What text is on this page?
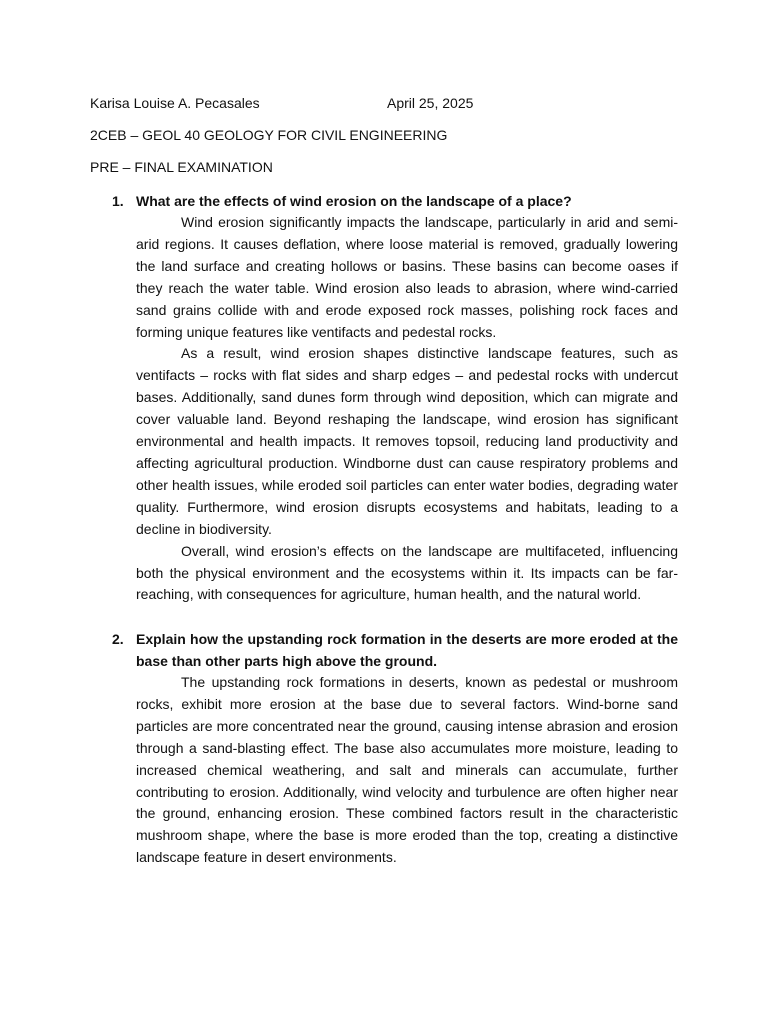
Karisa Louise A. Pecasales	April 25, 2025
2CEB – GEOL 40 GEOLOGY FOR CIVIL ENGINEERING
PRE – FINAL EXAMINATION
1. What are the effects of wind erosion on the landscape of a place?

Wind erosion significantly impacts the landscape, particularly in arid and semi-arid regions. It causes deflation, where loose material is removed, gradually lowering the land surface and creating hollows or basins. These basins can become oases if they reach the water table. Wind erosion also leads to abrasion, where wind-carried sand grains collide with and erode exposed rock masses, polishing rock faces and forming unique features like ventifacts and pedestal rocks.

As a result, wind erosion shapes distinctive landscape features, such as ventifacts – rocks with flat sides and sharp edges – and pedestal rocks with undercut bases. Additionally, sand dunes form through wind deposition, which can migrate and cover valuable land. Beyond reshaping the landscape, wind erosion has significant environmental and health impacts. It removes topsoil, reducing land productivity and affecting agricultural production. Windborne dust can cause respiratory problems and other health issues, while eroded soil particles can enter water bodies, degrading water quality. Furthermore, wind erosion disrupts ecosystems and habitats, leading to a decline in biodiversity.

Overall, wind erosion’s effects on the landscape are multifaceted, influencing both the physical environment and the ecosystems within it. Its impacts can be far-reaching, with consequences for agriculture, human health, and the natural world.

2. Explain how the upstanding rock formation in the deserts are more eroded at the base than other parts high above the ground.

The upstanding rock formations in deserts, known as pedestal or mushroom rocks, exhibit more erosion at the base due to several factors. Wind-borne sand particles are more concentrated near the ground, causing intense abrasion and erosion through a sand-blasting effect. The base also accumulates more moisture, leading to increased chemical weathering, and salt and minerals can accumulate, further contributing to erosion. Additionally, wind velocity and turbulence are often higher near the ground, enhancing erosion. These combined factors result in the characteristic mushroom shape, where the base is more eroded than the top, creating a distinctive landscape feature in desert environments.
